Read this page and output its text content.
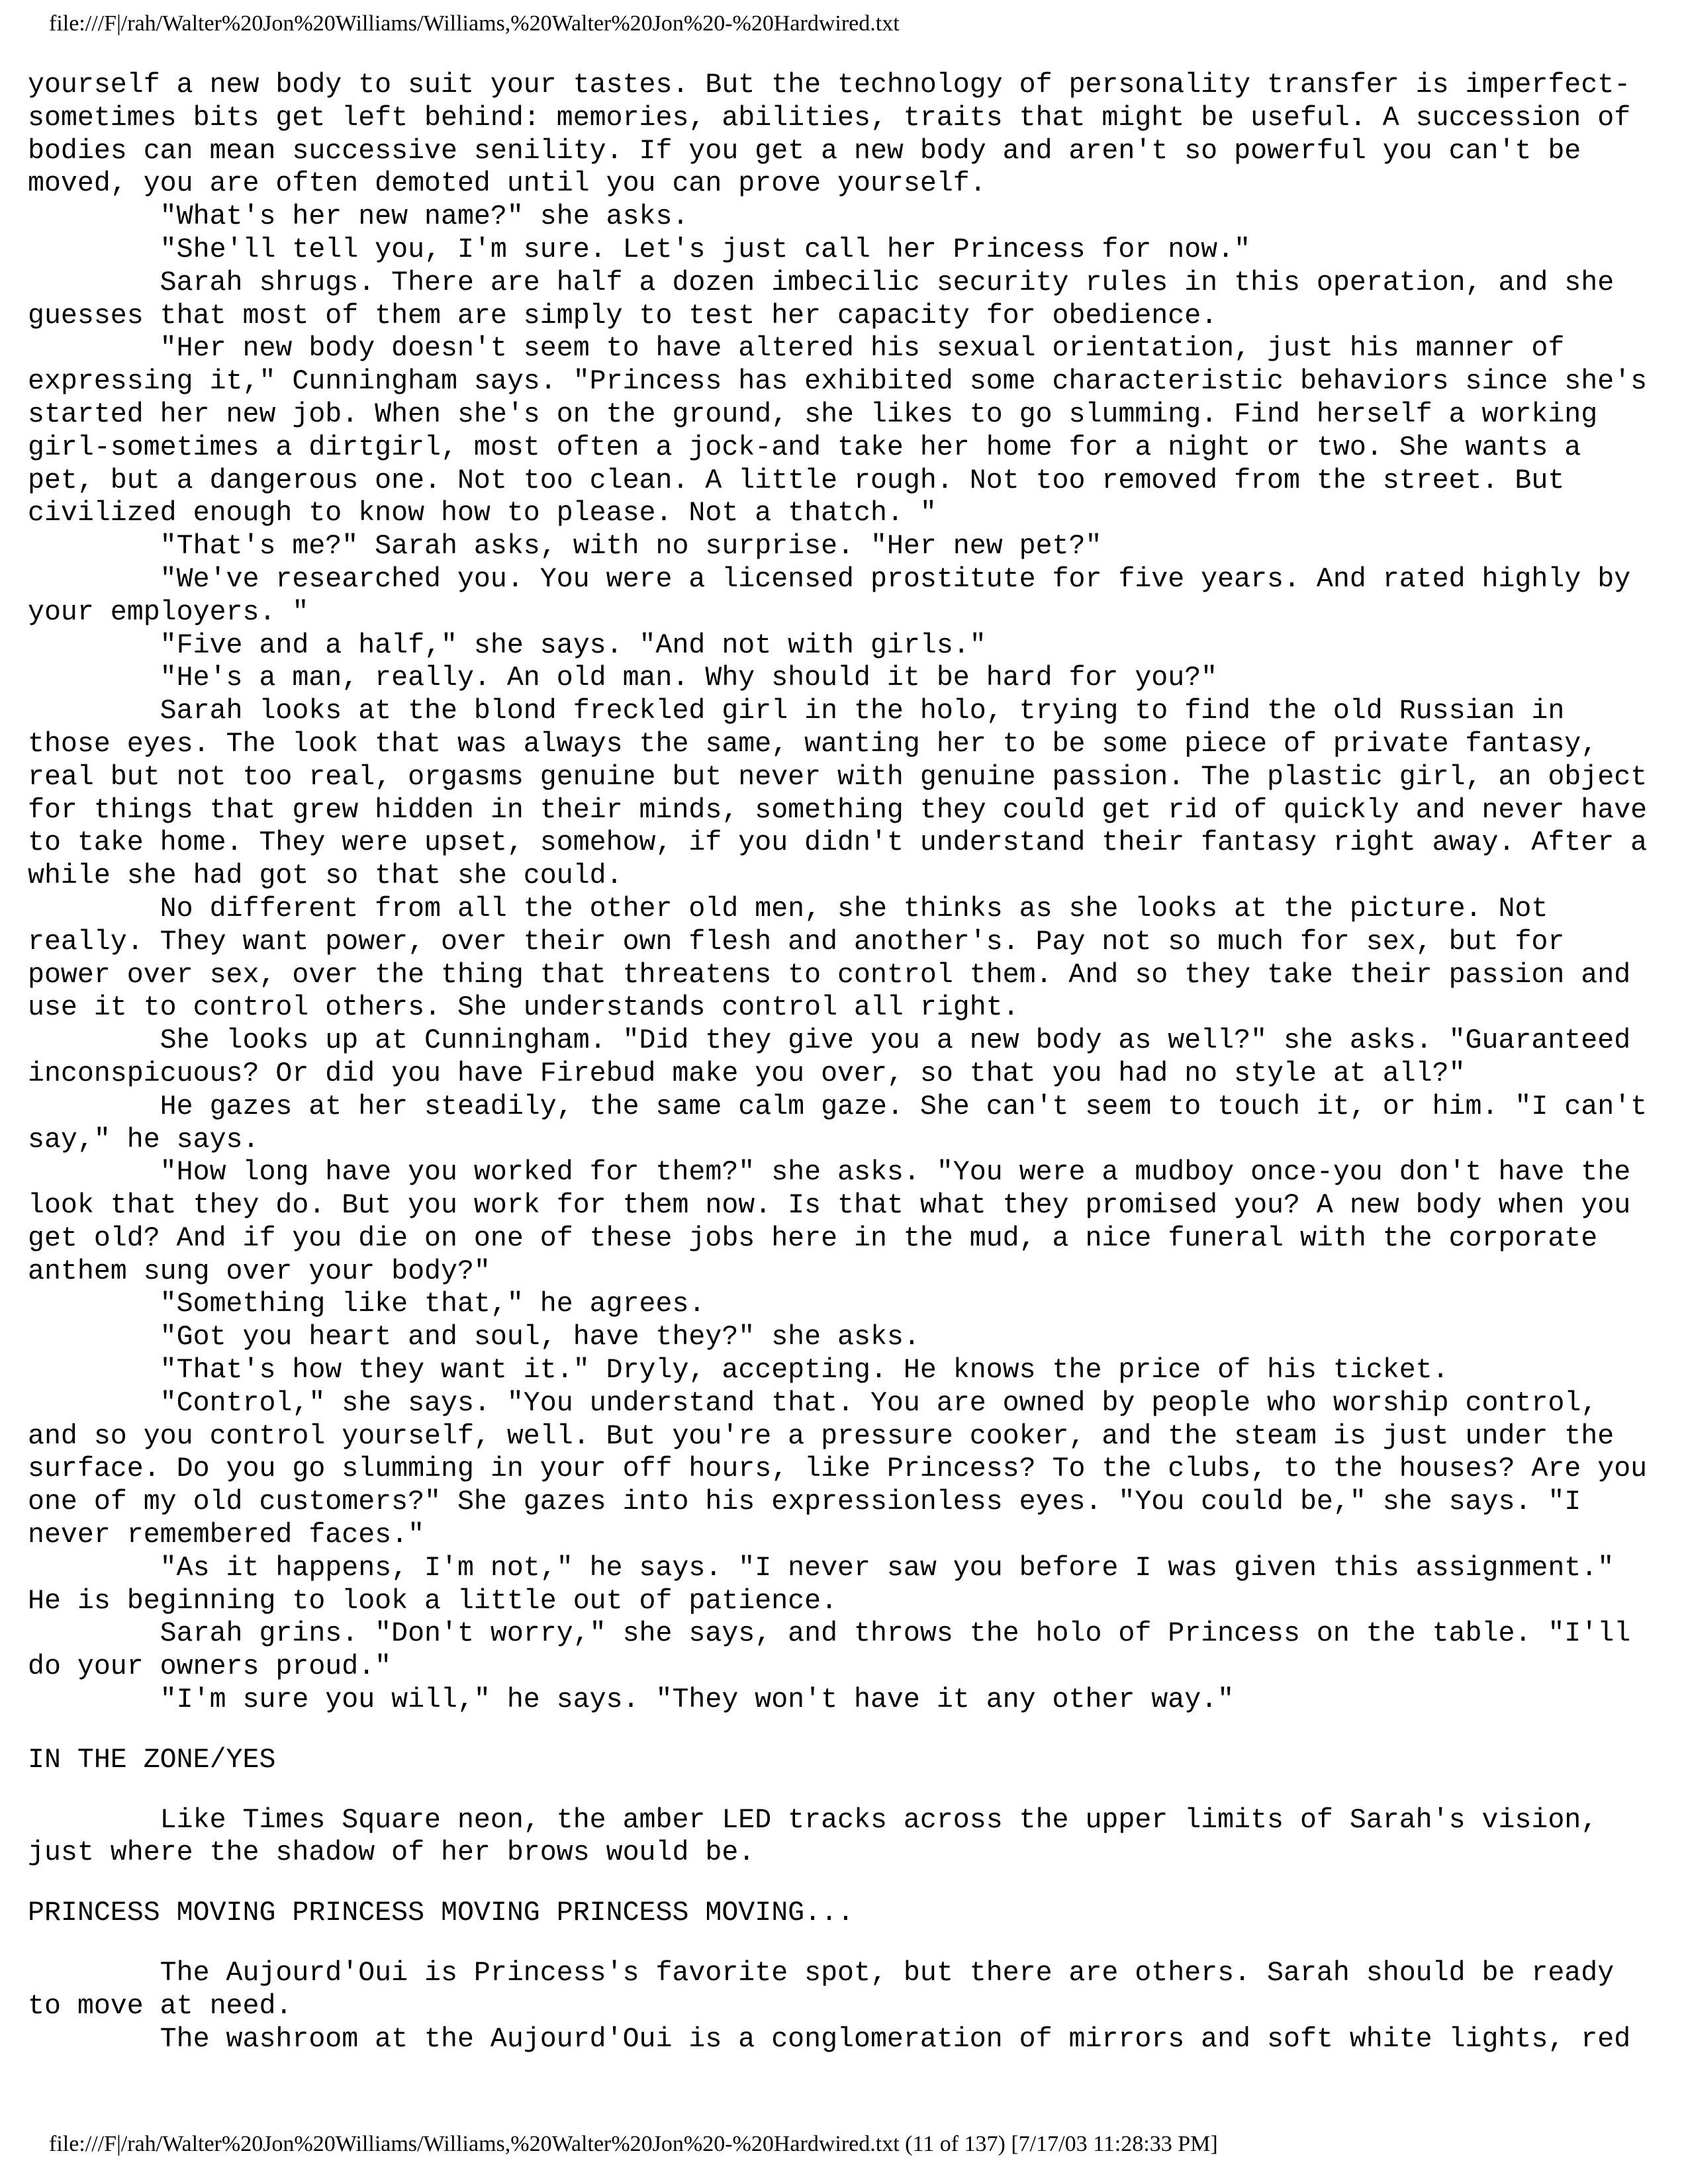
file:///F|/rah/Walter%20Jon%20Williams/Williams,%20Walter%20Jon%20-%20Hardwired.txt
yourself a new body to suit your tastes. But the technology of personality transfer is imperfect-
sometimes bits get left behind: memories, abilities, traits that might be useful. A succession of
bodies can mean successive senility. If you get a new body and aren't so powerful you can't be
moved, you are often demoted until you can prove yourself.
"What's her new name?" she asks.
"She'll tell you, I'm sure. Let's just call her Princess for now."
Sarah shrugs. There are half a dozen imbecilic security rules in this operation, and she
guesses that most of them are simply to test her capacity for obedience.
"Her new body doesn't seem to have altered his sexual orientation, just his manner of
expressing it," Cunningham says. "Princess has exhibited some characteristic behaviors since she's
started her new job. When she's on the ground, she likes to go slumming. Find herself a working
girl-sometimes a dirtgirl, most often a jock-and take her home for a night or two. She wants a
pet, but a dangerous one. Not too clean. A little rough. Not too removed from the street. But
civilized enough to know how to please. Not a thatch. "
"That's me?" Sarah asks, with no surprise. "Her new pet?"
"We've researched you. You were a licensed prostitute for five years. And rated highly by
your employers. "
"Five and a half," she says. "And not with girls."
"He's a man, really. An old man. Why should it be hard for you?"
Sarah looks at the blond freckled girl in the holo, trying to find the old Russian in
those eyes. The look that was always the same, wanting her to be some piece of private fantasy,
real but not too real, orgasms genuine but never with genuine passion. The plastic girl, an object
for things that grew hidden in their minds, something they could get rid of quickly and never have
to take home. They were upset, somehow, if you didn't understand their fantasy right away. After a
while she had got so that she could.
No different from all the other old men, she thinks as she looks at the picture. Not
really. They want power, over their own flesh and another's. Pay not so much for sex, but for
power over sex, over the thing that threatens to control them. And so they take their passion and
use it to control others. She understands control all right.
She looks up at Cunningham. "Did they give you a new body as well?" she asks. "Guaranteed
inconspicuous? Or did you have Firebud make you over, so that you had no style at all?"
He gazes at her steadily, the same calm gaze. She can't seem to touch it, or him. "I can't
say," he says.
"How long have you worked for them?" she asks. "You were a mudboy once-you don't have the
look that they do. But you work for them now. Is that what they promised you? A new body when you
get old? And if you die on one of these jobs here in the mud, a nice funeral with the corporate
anthem sung over your body?"
"Something like that," he agrees.
"Got you heart and soul, have they?" she asks.
"That's how they want it." Dryly, accepting. He knows the price of his ticket.
"Control," she says. "You understand that. You are owned by people who worship control,
and so you control yourself, well. But you're a pressure cooker, and the steam is just under the
surface. Do you go slumming in your off hours, like Princess? To the clubs, to the houses? Are you
one of my old customers?" She gazes into his expressionless eyes. "You could be," she says. "I
never remembered faces."
"As it happens, I'm not," he says. "I never saw you before I was given this assignment."
He is beginning to look a little out of patience.
Sarah grins. "Don't worry," she says, and throws the holo of Princess on the table. "I'll
do your owners proud."
"I'm sure you will," he says. "They won't have it any other way."
IN THE ZONE/YES
Like Times Square neon, the amber LED tracks across the upper limits of Sarah's vision,
just where the shadow of her brows would be.
PRINCESS MOVING PRINCESS MOVING PRINCESS MOVING...
The Aujourd'Oui is Princess's favorite spot, but there are others. Sarah should be ready
to move at need.
The washroom at the Aujourd'Oui is a conglomeration of mirrors and soft white lights, red
file:///F|/rah/Walter%20Jon%20Williams/Williams,%20Walter%20Jon%20-%20Hardwired.txt (11 of 137) [7/17/03 11:28:33 PM]
